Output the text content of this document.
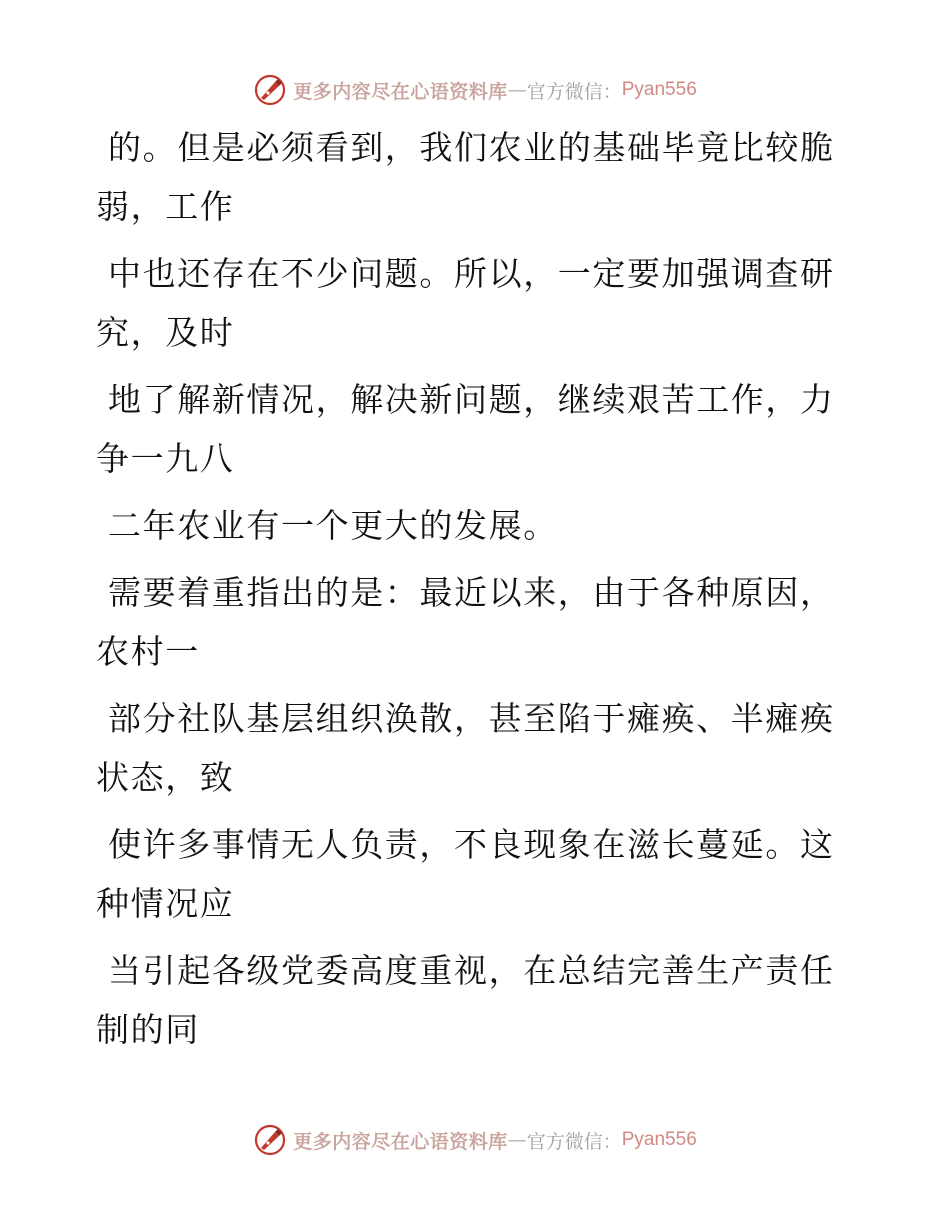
更多内容尽在心语资料库 — 官方微信： Pyan556

的。但是必须看到，我们农业的基础毕竟比较脆
弱，工作

中也还存在不少问题。所以，一定要加强调查研
究，及时

地了解新情况，解决新问题，继续艰苦工作，力
争一九八

二年农业有一个更大的发展。

需要着重指出的是：最近以来，由于各种原因，
农村一

部分社队基层组织涣散，甚至陷于瘫痪、半瘫痪
状态，致

使许多事情无人负责，不良现象在滋长蔓延。这
种情况应

当引起各级党委高度重视，在总结完善生产责任
制的同

更多内容尽在心语资料库 — 官方微信： Pyan556
